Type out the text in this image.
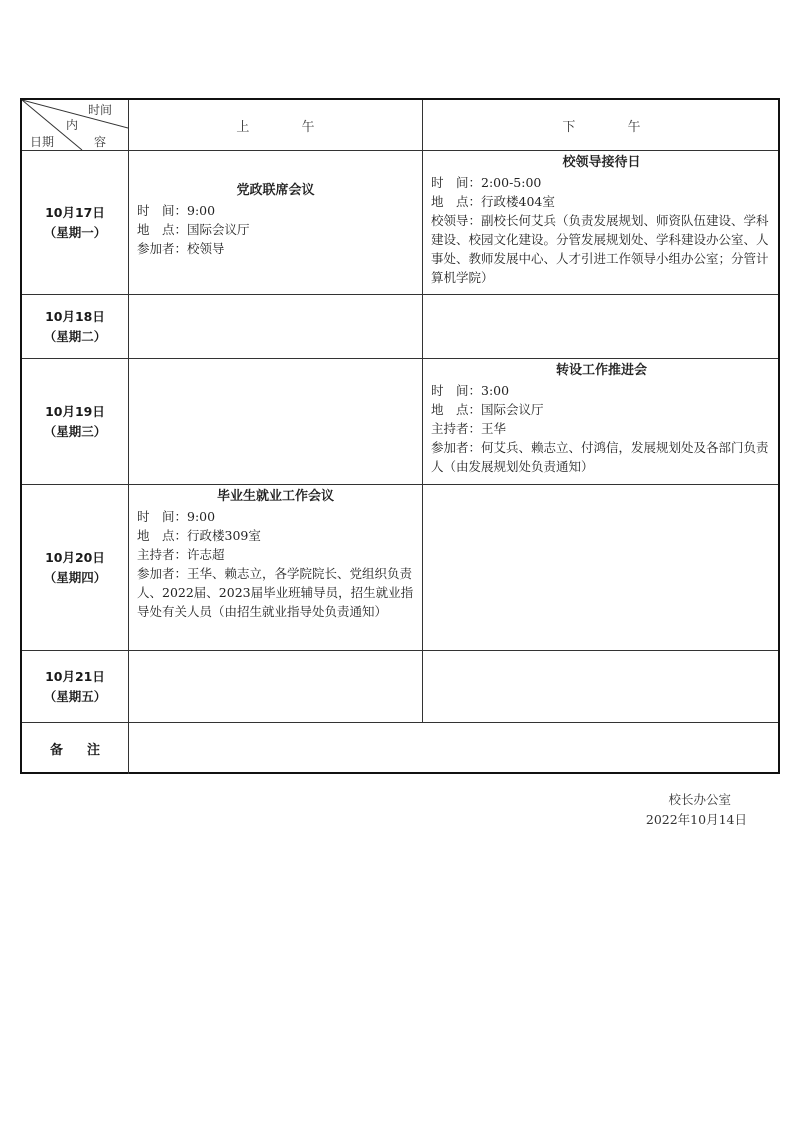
时间
内
容
日期
上 午	下 午
10月17日
（星期一）
党政联席会议
时　间：9:00
地　点：国际会议厅
参加者：校领导
校领导接待日
时　间：2:00-5:00
地　点：行政楼404室
校领导：副校长何艾兵（负责发展规划、师资队伍建设、学科建设、校园文化建设。分管发展规划处、学科建设办公室、人事处、教师发展中心、人才引进工作领导小组办公室；分管计算机学院）
10月18日
（星期二）
10月19日
（星期三）
转设工作推进会
时　间：3:00
地　点：国际会议厅
主持者：王华
参加者：何艾兵、赖志立、付鸿信，发展规划处及各部门负责人（由发展规划处负责通知）
10月20日
（星期四）
毕业生就业工作会议
时　间：9:00
地　点：行政楼309室
主持者：许志超
参加者：王华、赖志立，各学院院长、党组织负责人、2022届、2023届毕业班辅导员，招生就业指导处有关人员（由招生就业指导处负责通知）
10月21日
（星期五）
备注
校长办公室
2022年10月14日
